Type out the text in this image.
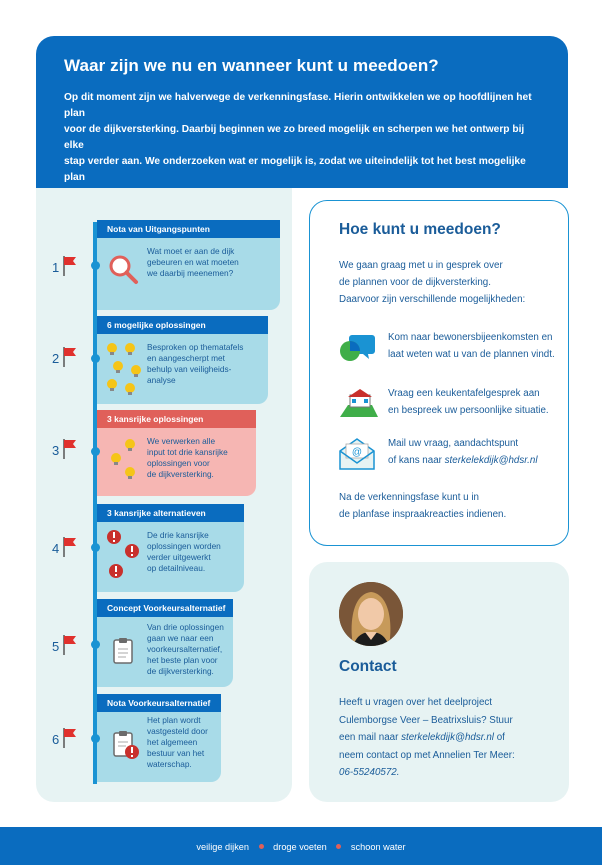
Waar zijn we nu en wanneer kunt u meedoen?

Op dit moment zijn we halverwege de verkenningsfase. Hierin ontwikkelen we op hoofdlijnen het plan
voor de dijkversterking. Daarbij beginnen we zo breed mogelijk en scherpen we het ontwerp bij elke
stap verder aan. We onderzoeken wat er mogelijk is, zodat we uiteindelijk tot het best mogelijke plan

Nota van Uitgangspunten
Wat moet er aan de dijk
gebeuren en wat moeten
we daarbij meenemen?
6 mogelijke oplossingen
Besproken op thematafels
en aangescherpt met
behulp van veiligheids-
analyse
3 kansrijke oplossingen
We verwerken alle
input tot drie kansrijke
oplossingen voor
de dijkversterking.
3 kansrijke alternatieven
De drie kansrijke
oplossingen worden
verder uitgewerkt
op detailniveau.
Concept Voorkeursalternatief
Van drie oplossingen
gaan we naar een
voorkeursalternatief,
het beste plan voor
de dijkversterking.
Nota Voorkeursalternatief
Het plan wordt
vastgesteld door
het algemeen
bestuur van het
waterschap.
1
2
3
4
5
6
Hoe kunt u meedoen?
We gaan graag met u in gesprek over
de plannen voor de dijkversterking.
Daarvoor zijn verschillende mogelijkheden:
Kom naar bewonersbijeenkomsten en
laat weten wat u van de plannen vindt.
Vraag een keukentafelgesprek aan
en bespreek uw persoonlijke situatie.
@
Mail uw vraag, aandachtspunt
of kans naar sterkelekdijk@hdsr.nl
Na de verkenningsfase kunt u in
de planfase inspraakreacties indienen.
Contact
Heeft u vragen over het deelproject
Culemborgse Veer – Beatrixsluis? Stuur
een mail naar sterkelekdijk@hdsr.nl of
neem contact op met Annelien Ter Meer:
06-55240572.
veilige dijken	droge voeten	schoon water
